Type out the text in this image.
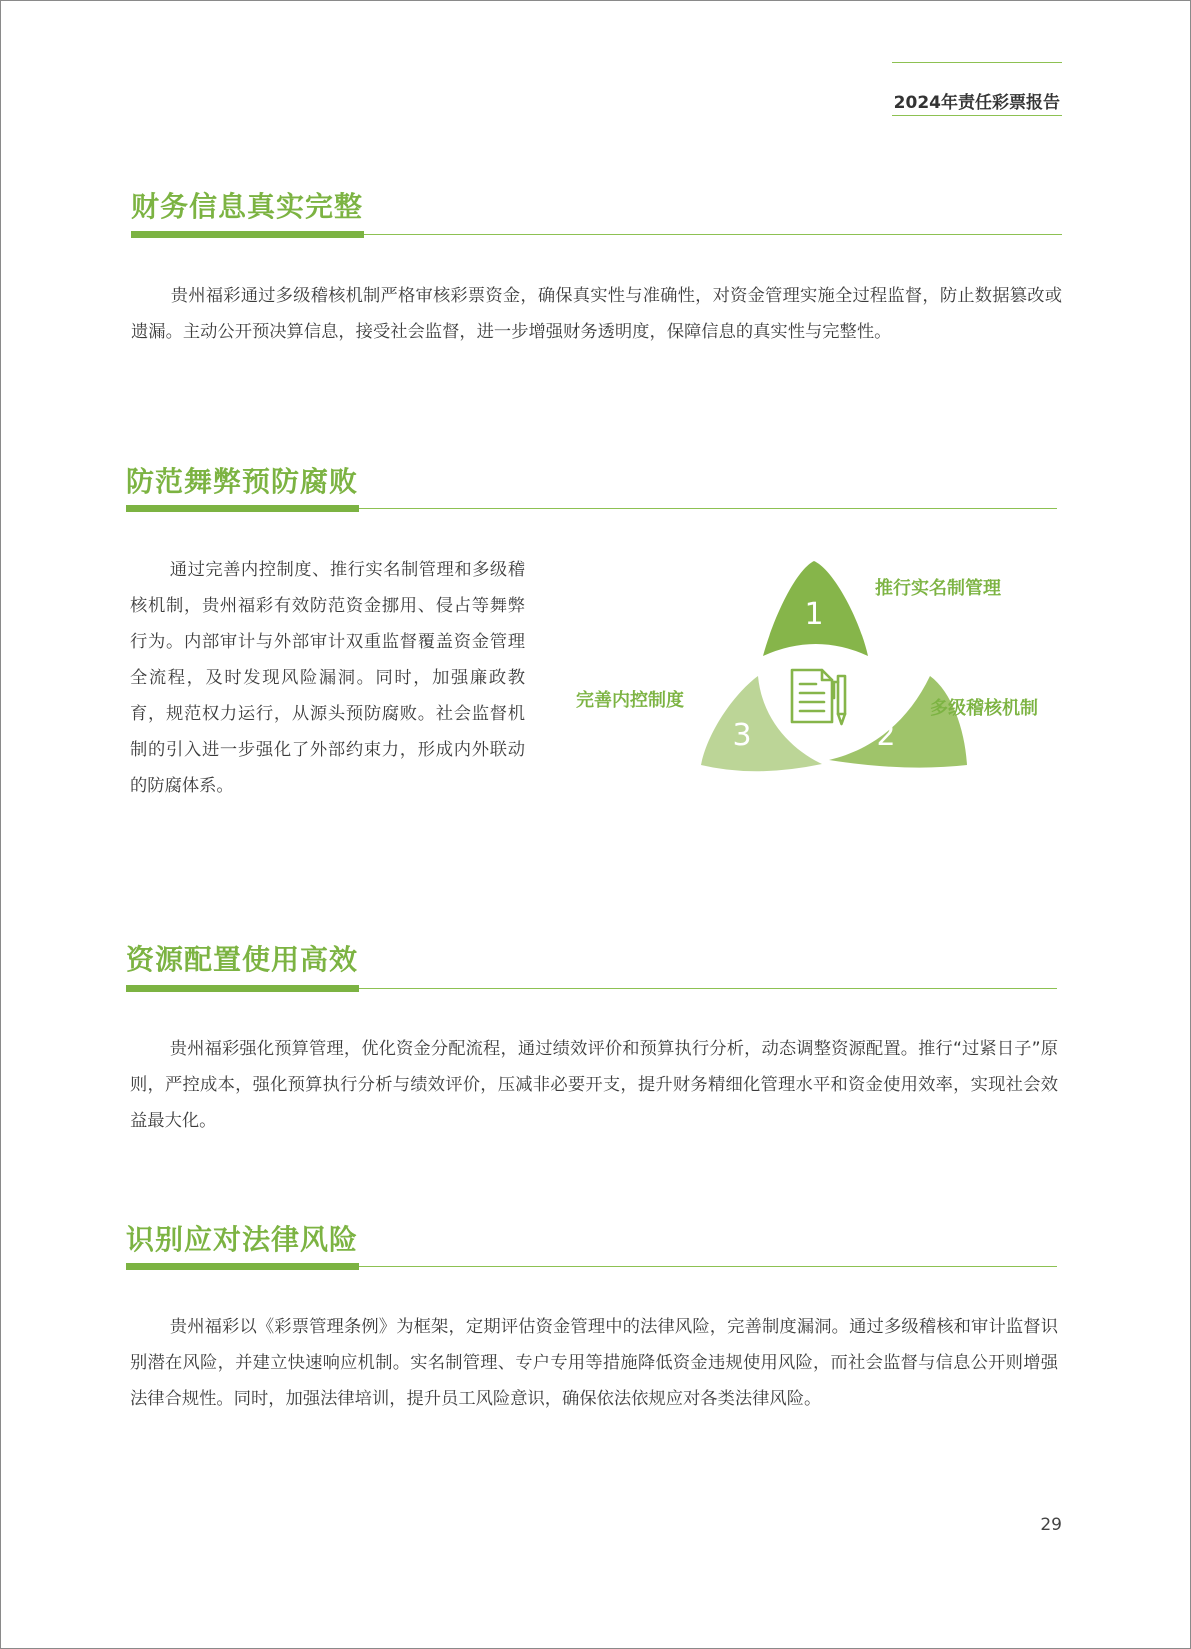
2024年责任彩票报告
财务信息真实完整

贵州福彩通过多级稽核机制严格审核彩票资金，确保真实性与准确性，对资金管理实施全过程监督，防止数据篡改或遗漏。主动公开预决算信息，接受社会监督，进一步增强财务透明度，保障信息的真实性与完整性。

防范舞弊预防腐败

通过完善内控制度、推行实名制管理和多级稽核机制，贵州福彩有效防范资金挪用、侵占等舞弊行为。内部审计与外部审计双重监督覆盖资金管理全流程，及时发现风险漏洞。同时，加强廉政教育，规范权力运行，从源头预防腐败。社会监督机制的引入进一步强化了外部约束力，形成内外联动的防腐体系。

1
2
3
推行实名制管理
多级稽核机制
完善内控制度
资源配置使用高效

贵州福彩强化预算管理，优化资金分配流程，通过绩效评价和预算执行分析，动态调整资源配置。推行“过紧日子”原则，严控成本，强化预算执行分析与绩效评价，压减非必要开支，提升财务精细化管理水平和资金使用效率，实现社会效益最大化。

识别应对法律风险

贵州福彩以《彩票管理条例》为框架，定期评估资金管理中的法律风险，完善制度漏洞。通过多级稽核和审计监督识别潜在风险，并建立快速响应机制。实名制管理、专户专用等措施降低资金违规使用风险，而社会监督与信息公开则增强法律合规性。同时，加强法律培训，提升员工风险意识，确保依法依规应对各类法律风险。

29
